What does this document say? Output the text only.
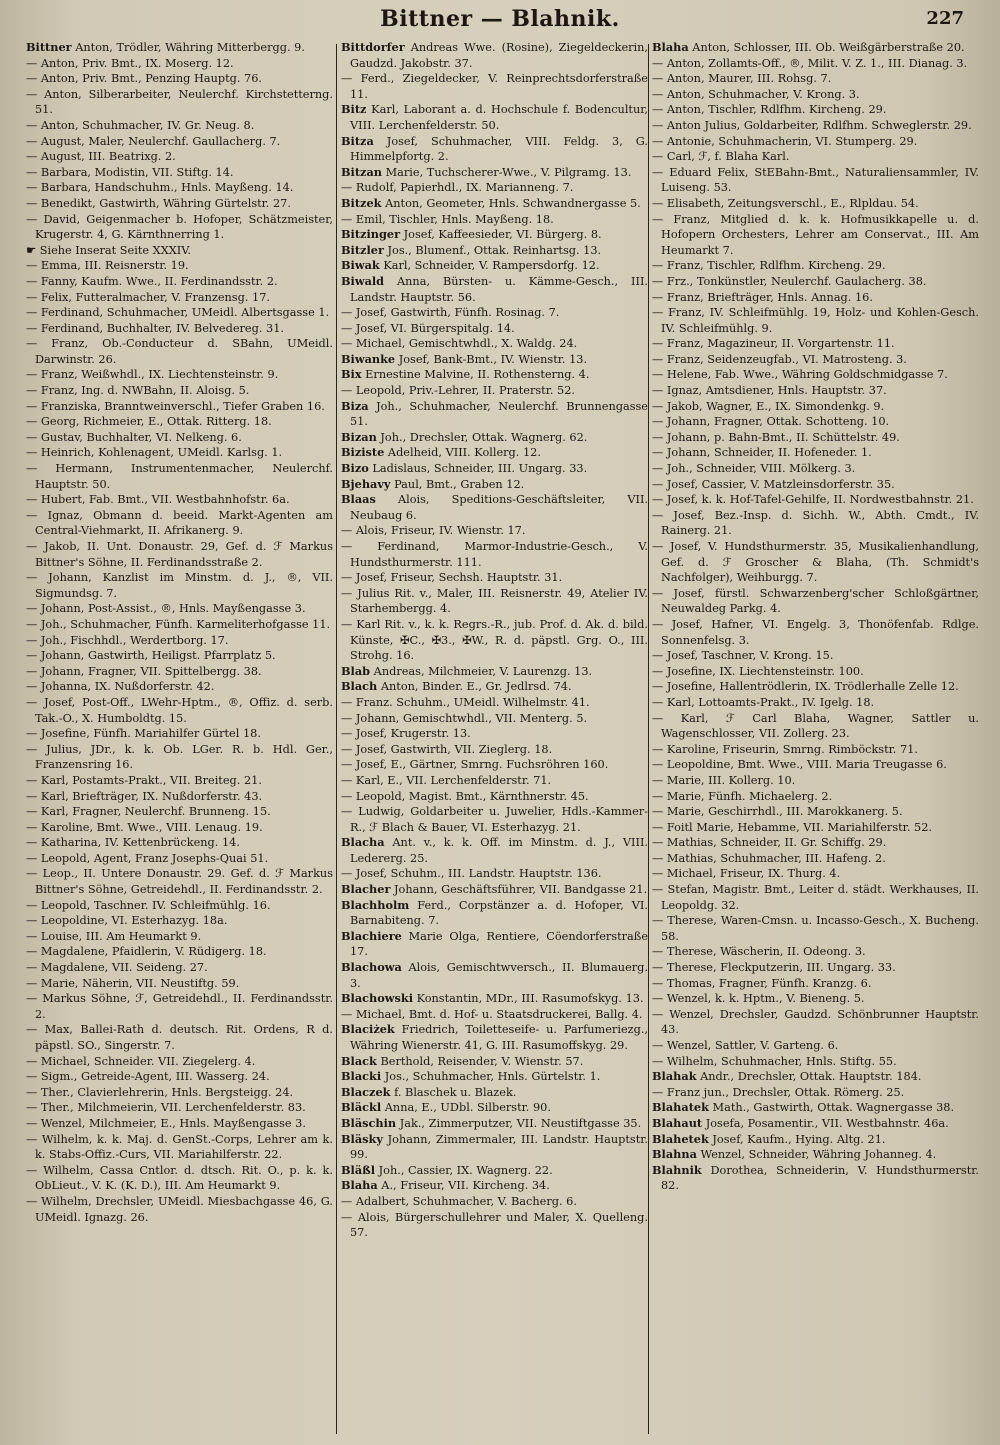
Bittner — Blahnik.	227

Bittner Anton, Trödler, Währing Mitterbergg. 9.

— Anton, Priv. Bmt., IX. Moserg. 12.

— Anton, Priv. Bmt., Penzing Hauptg. 76.

— Anton, Silberarbeiter, Neulerchf. Kirchstetterng. 51.

— Anton, Schuhmacher, IV. Gr. Neug. 8.

— August, Maler, Neulerchf. Gaullacherg. 7.

— August, III. Beatrixg. 2.

— Barbara, Modistin, VII. Stiftg. 14.

— Barbara, Handschuhm., Hnls. Mayßeng. 14.

— Benedikt, Gastwirth, Währing Gürtelstr. 27.

— David, Geigenmacher b. Hofoper, Schätzmeister, Krugerstr. 4, G. Kärnthnerring 1.

☛ Siehe Inserat Seite XXXIV.

— Emma, III. Reisnerstr. 19.

— Fanny, Kaufm. Wwe., II. Ferdinandsstr. 2.

— Felix, Futteralmacher, V. Franzensg. 17.

— Ferdinand, Schuhmacher, UMeidl. Albertsgasse 1.

— Ferdinand, Buchhalter, IV. Belvedereg. 31.

— Franz, Ob.-Conducteur d. SBahn, UMeidl. Darwinstr. 26.

— Franz, Weißwhdl., IX. Liechtensteinstr. 9.

— Franz, Ing. d. NWBahn, II. Aloisg. 5.

— Franziska, Branntweinverschl., Tiefer Graben 16.

— Georg, Richmeier, E., Ottak. Ritterg. 18.

— Gustav, Buchhalter, VI. Nelkeng. 6.

— Heinrich, Kohlenagent, UMeidl. Karlsg. 1.

— Hermann, Instrumentenmacher, Neulerchf. Hauptstr. 50.

— Hubert, Fab. Bmt., VII. Westbahnhofstr. 6a.

— Ignaz, Obmann d. beeid. Markt-Agenten am Central-Viehmarkt, II. Afrikanerg. 9.

— Jakob, II. Unt. Donaustr. 29, Gef. d. ℱ Markus Bittner's Söhne, II. Ferdinandsstraße 2.

— Johann, Kanzlist im Minstm. d. J., ®, VII. Sigmundsg. 7.

— Johann, Post-Assist., ®, Hnls. Mayßengasse 3.

— Joh., Schuhmacher, Fünfh. Karmeliterhofgasse 11.

— Joh., Fischhdl., Werdertborg. 17.

— Johann, Gastwirth, Heiligst. Pfarrplatz 5.

— Johann, Fragner, VII. Spittelbergg. 38.

— Johanna, IX. Nußdorferstr. 42.

— Josef, Post-Off., LWehr-Hptm., ®, Offiz. d. serb. Tak.-O., X. Humboldtg. 15.

— Josefine, Fünfh. Mariahilfer Gürtel 18.

— Julius, JDr., k. k. Ob. LGer. R. b. Hdl. Ger., Franzensring 16.

— Karl, Postamts-Prakt., VII. Breiteg. 21.

— Karl, Briefträger, IX. Nußdorferstr. 43.

— Karl, Fragner, Neulerchf. Brunneng. 15.

— Karoline, Bmt. Wwe., VIII. Lenaug. 19.

— Katharina, IV. Kettenbrückeng. 14.

— Leopold, Agent, Franz Josephs-Quai 51.

— Leop., II. Untere Donaustr. 29. Gef. d. ℱ Markus Bittner's Söhne, Getreidehdl., II. Ferdinandsstr. 2.

— Leopold, Taschner. IV. Schleifmühlg. 16.

— Leopoldine, VI. Esterhazyg. 18a.

— Louise, III. Am Heumarkt 9.

— Magdalene, Pfaidlerin, V. Rüdigerg. 18.

— Magdalene, VII. Seideng. 27.

— Marie, Näherin, VII. Neustiftg. 59.

— Markus Söhne, ℱ, Getreidehdl., II. Ferdinandsstr. 2.

— Max, Ballei-Rath d. deutsch. Rit. Ordens, R d. päpstl. SO., Singerstr. 7.

— Michael, Schneider. VII. Ziegelerg. 4.

— Sigm., Getreide-Agent, III. Wasserg. 24.

— Ther., Clavierlehrerin, Hnls. Bergsteigg. 24.

— Ther., Milchmeierin, VII. Lerchenfelderstr. 83.

— Wenzel, Milchmeier, E., Hnls. Mayßengasse 3.

— Wilhelm, k. k. Maj. d. GenSt.-Corps, Lehrer am k. k. Stabs-Offiz.-Curs, VII. Mariahilferstr. 22.

— Wilhelm, Cassa Cntlor. d. dtsch. Rit. O., p. k. k. ObLieut., V. K. (K. D.), III. Am Heumarkt 9.

— Wilhelm, Drechsler, UMeidl. Miesbachgasse 46, G. UMeidl. Ignazg. 26.

Bittdorfer Andreas Wwe. (Rosine), Ziegeldeckerin, Gaudzd. Jakobstr. 37.

— Ferd., Ziegeldecker, V. Reinprechtsdorferstraße 11.

Bitz Karl, Laborant a. d. Hochschule f. Bodencultur, VIII. Lerchenfelderstr. 50.

Bitza Josef, Schuhmacher, VIII. Feldg. 3, G. Himmelpfortg. 2.

Bitzan Marie, Tuchscherer-Wwe., V. Pilgramg. 13.

— Rudolf, Papierhdl., IX. Marianneng. 7.

Bitzek Anton, Geometer, Hnls. Schwandnergasse 5.

— Emil, Tischler, Hnls. Mayßeng. 18.

Bitzinger Josef, Kaffeesieder, VI. Bürgerg. 8.

Bitzler Jos., Blumenf., Ottak. Reinhartsg. 13.

Biwak Karl, Schneider, V. Rampersdorfg. 12.

Biwald Anna, Bürsten- u. Kämme-Gesch., III. Landstr. Hauptstr. 56.

— Josef, Gastwirth, Fünfh. Rosinag. 7.

— Josef, VI. Bürgerspitalg. 14.

— Michael, Gemischtwhdl., X. Waldg. 24.

Biwanke Josef, Bank-Bmt., IV. Wienstr. 13.

Bix Ernestine Malvine, II. Rothensterng. 4.

— Leopold, Priv.-Lehrer, II. Praterstr. 52.

Biza Joh., Schuhmacher, Neulerchf. Brunnengasse 51.

Bizan Joh., Drechsler, Ottak. Wagnerg. 62.

Biziste Adelheid, VIII. Kollerg. 12.

Bizo Ladislaus, Schneider, III. Ungarg. 33.

Bjehavy Paul, Bmt., Graben 12.

Blaas Alois, Speditions-Geschäftsleiter, VII. Neubaug 6.

— Alois, Friseur, IV. Wienstr. 17.

— Ferdinand, Marmor-Industrie-Gesch., V. Hundsthurmerstr. 111.

— Josef, Friseur, Sechsh. Hauptstr. 31.

— Julius Rit. v., Maler, III. Reisnerstr. 49, Atelier IV. Starhembergg. 4.

— Karl Rit. v., k. k. Regrs.-R., jub. Prof. d. Ak. d. bild. Künste, ✠C., ✠3., ✠W., R. d. päpstl. Grg. O., III. Strohg. 16.

Blab Andreas, Milchmeier, V. Laurenzg. 13.

Blach Anton, Binder. E., Gr. Jedlrsd. 74.

— Franz. Schuhm., UMeidl. Wilhelmstr. 41.

— Johann, Gemischtwhdl., VII. Menterg. 5.

— Josef, Krugerstr. 13.

— Josef, Gastwirth, VII. Zieglerg. 18.

— Josef, E., Gärtner, Smrng. Fuchsröhren 160.

— Karl, E., VII. Lerchenfelderstr. 71.

— Leopold, Magist. Bmt., Kärnthnerstr. 45.

— Ludwig, Goldarbeiter u. Juwelier, Hdls.-Kammer-R., ℱ Blach & Bauer, VI. Esterhazyg. 21.

Blacha Ant. v., k. k. Off. im Minstm. d. J., VIII. Ledererg. 25.

— Josef, Schuhm., III. Landstr. Hauptstr. 136.

Blacher Johann, Geschäftsführer, VII. Bandgasse 21.

Blachholm Ferd., Corpstänzer a. d. Hofoper, VI. Barnabiteng. 7.

Blachiere Marie Olga, Rentiere, Cöendorferstraße 17.

Blachowa Alois, Gemischtwversch., II. Blumauerg. 3.

Blachowski Konstantin, MDr., III. Rasumofskyg. 13.

— Michael, Bmt. d. Hof- u. Staatsdruckerei, Ballg. 4.

Blaciżek Friedrich, Toiletteseife- u. Parfumeriezg., Währing Wienerstr. 41, G. III. Rasumoffskyg. 29.

Black Berthold, Reisender, V. Wienstr. 57.

Blacki Jos., Schuhmacher, Hnls. Gürtelstr. 1.

Blaczek f. Blaschek u. Blazek.

Bläckl Anna, E., UDbl. Silberstr. 90.

Bläschin Jak., Zimmerputzer, VII. Neustiftgasse 35.

Bläsky Johann, Zimmermaler, III. Landstr. Hauptstr. 99.

Bläßl Joh., Cassier, IX. Wagnerg. 22.

Blaha A., Friseur, VII. Kircheng. 34.

— Adalbert, Schuhmacher, V. Bacherg. 6.

— Alois, Bürgerschullehrer und Maler, X. Quelleng. 57.

Blaha Anton, Schlosser, III. Ob. Weißgärberstraße 20.

— Anton, Zollamts-Off., ®, Milit. V. Z. 1., III. Dianag. 3.

— Anton, Maurer, III. Rohsg. 7.

— Anton, Schuhmacher, V. Krong. 3.

— Anton, Tischler, Rdlfhm. Kircheng. 29.

— Anton Julius, Goldarbeiter, Rdlfhm. Schweglerstr. 29.

— Antonie, Schuhmacherin, VI. Stumperg. 29.

— Carl, ℱ, f. Blaha Karl.

— Eduard Felix, StEBahn-Bmt., Naturaliensammler, IV. Luiseng. 53.

— Elisabeth, Zeitungsverschl., E., Rlpldau. 54.

— Franz, Mitglied d. k. k. Hofmusikkapelle u. d. Hofopern Orchesters, Lehrer am Conservat., III. Am Heumarkt 7.

— Franz, Tischler, Rdlfhm. Kircheng. 29.

— Frz., Tonkünstler, Neulerchf. Gaulacherg. 38.

— Franz, Briefträger, Hnls. Annag. 16.

— Franz, IV. Schleifmühlg. 19, Holz- und Kohlen-Gesch. IV. Schleifmühlg. 9.

— Franz, Magazineur, II. Vorgartenstr. 11.

— Franz, Seidenzeugfab., VI. Matrosteng. 3.

— Helene, Fab. Wwe., Währing Goldschmidgasse 7.

— Ignaz, Amtsdiener, Hnls. Hauptstr. 37.

— Jakob, Wagner, E., IX. Simondenkg. 9.

— Johann, Fragner, Ottak. Schotteng. 10.

— Johann, p. Bahn-Bmt., II. Schüttelstr. 49.

— Johann, Schneider, II. Hofeneder. 1.

— Joh., Schneider, VIII. Mölkerg. 3.

— Josef, Cassier, V. Matzleinsdorferstr. 35.

— Josef, k. k. Hof-Tafel-Gehilfe, II. Nordwestbahnstr. 21.

— Josef, Bez.-Insp. d. Sichh. W., Abth. Cmdt., IV. Rainerg. 21.

— Josef, V. Hundsthurmerstr. 35, Musikalienhandlung, Gef. d. ℱ Groscher & Blaha, (Th. Schmidt's Nachfolger), Weihburgg. 7.

— Josef, fürstl. Schwarzenberg'scher Schloßgärtner, Neuwaldeg Parkg. 4.

— Josef, Hafner, VI. Engelg. 3, Thonöfenfab. Rdlge. Sonnenfelsg. 3.

— Josef, Taschner, V. Krong. 15.

— Josefine, IX. Liechtensteinstr. 100.

— Josefine, Hallentrödlerin, IX. Trödlerhalle Zelle 12.

— Karl, Lottoamts-Prakt., IV. Igelg. 18.

— Karl, ℱ Carl Blaha, Wagner, Sattler u. Wagenschlosser, VII. Zollerg. 23.

— Karoline, Friseurin, Smrng. Rimböckstr. 71.

— Leopoldine, Bmt. Wwe., VIII. Maria Treugasse 6.

— Marie, III. Kollerg. 10.

— Marie, Fünfh. Michaelerg. 2.

— Marie, Geschirrhdl., III. Marokkanerg. 5.

— Foitl Marie, Hebamme, VII. Mariahilferstr. 52.

— Mathias, Schneider, II. Gr. Schiffg. 29.

— Mathias, Schuhmacher, III. Hafeng. 2.

— Michael, Friseur, IX. Thurg. 4.

— Stefan, Magistr. Bmt., Leiter d. städt. Werkhauses, II. Leopoldg. 32.

— Therese, Waren-Cmsn. u. Incasso-Gesch., X. Bucheng. 58.

— Therese, Wäscherin, II. Odeong. 3.

— Therese, Fleckputzerin, III. Ungarg. 33.

— Thomas, Fragner, Fünfh. Kranzg. 6.

— Wenzel, k. k. Hptm., V. Bieneng. 5.

— Wenzel, Drechsler, Gaudzd. Schönbrunner Hauptstr. 43.

— Wenzel, Sattler, V. Garteng. 6.

— Wilhelm, Schuhmacher, Hnls. Stiftg. 55.

Blahak Andr., Drechsler, Ottak. Hauptstr. 184.

— Franz jun., Drechsler, Ottak. Römerg. 25.

Blahatek Math., Gastwirth, Ottak. Wagnergasse 38.

Blahaut Josefa, Posamentir., VII. Westbahnstr. 46a.

Blahetek Josef, Kaufm., Hying. Altg. 21.

Blahna Wenzel, Schneider, Währing Johanneg. 4.

Blahnik Dorothea, Schneiderin, V. Hundsthurmerstr. 82.
